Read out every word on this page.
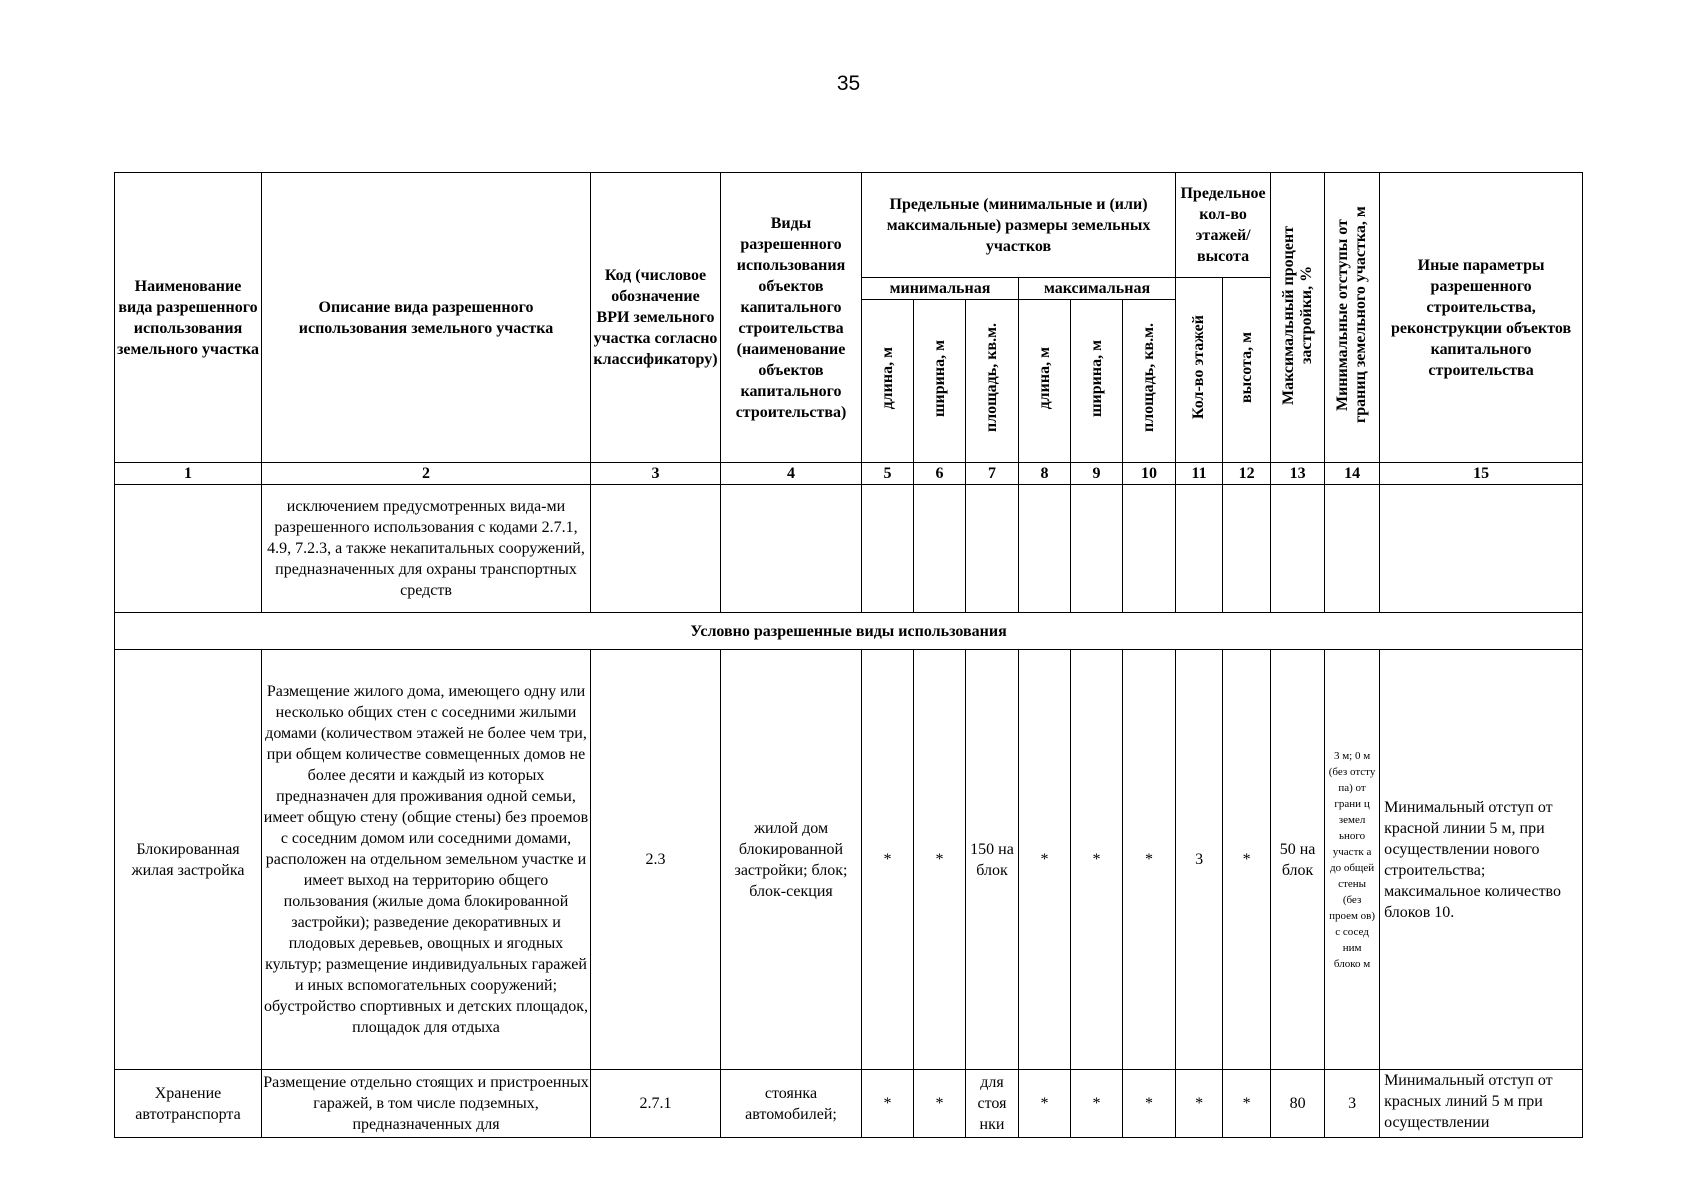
35
Наименование вида разрешенного использования земельного участка	Описание вида разрешенного использования земельного участка	Код (числовое обозначение ВРИ земельного участка согласно классификатору)	Виды разрешенного использования объектов капитального строительства (наименование объектов капитального строительства)	Предельные (минимальные и (или) максимальные) размеры земельных участков						Предельное кол-во этажей/ высота		Максимальный процент застройки, %	Минимальные отступы от границ земельного участка, м	Иные параметры разрешенного строительства, реконструкции объектов капитального строительства

				минимальная			максимальная			Кол-во этажей	высота, м			
				длина, м	ширина, м	площадь, кв.м.	длина, м	ширина, м	площадь, кв.м.					
1	2	3	4	5	6	7	8	9	10	11	12	13	14	15
	исключением предусмотренных вида-ми разрешенного использования с кодами 2.7.1, 4.9, 7.2.3, а также некапитальных сооружений, предназначенных для охраны транспортных средств													
Условно разрешенные виды использования														
Блокированная жилая застройка	Размещение жилого дома, имеющего одну или несколько общих стен с соседними жилыми домами (количеством этажей не более чем три, при общем количестве совмещенных домов не более десяти и каждый из которых предназначен для проживания одной семьи, имеет общую стену (общие стены) без проемов с соседним домом или соседними домами, расположен на отдельном земельном участке и имеет выход на территорию общего пользования (жилые дома блокированной застройки); разведение декоративных и плодовых деревьев, овощных и ягодных культур; размещение индивидуальных гаражей и иных вспомогательных сооружений; обустройство спортивных и детских площадок, площадок для отдыха	2.3	жилой дом блокированной застройки; блок; блок-секция	*	*	150 на блок	*	*	*	3	*	50 на блок	3 м; 0 м (без отсту па) от грани ц земел ьного участк а до общей стены (без проем ов) с сосед ним блоко м	Минимальный отступ от красной линии 5 м, при осуществлении нового строительства; максимальное количество блоков 10.
Хранение автотранспорта	Размещение отдельно стоящих и пристроенных гаражей, в том числе подземных, предназначенных для	2.7.1	стоянка автомобилей;	*	*	для стоя нки	*	*	*	*	*	80	3	Минимальный отступ от красных линий 5 м при осуществлении
